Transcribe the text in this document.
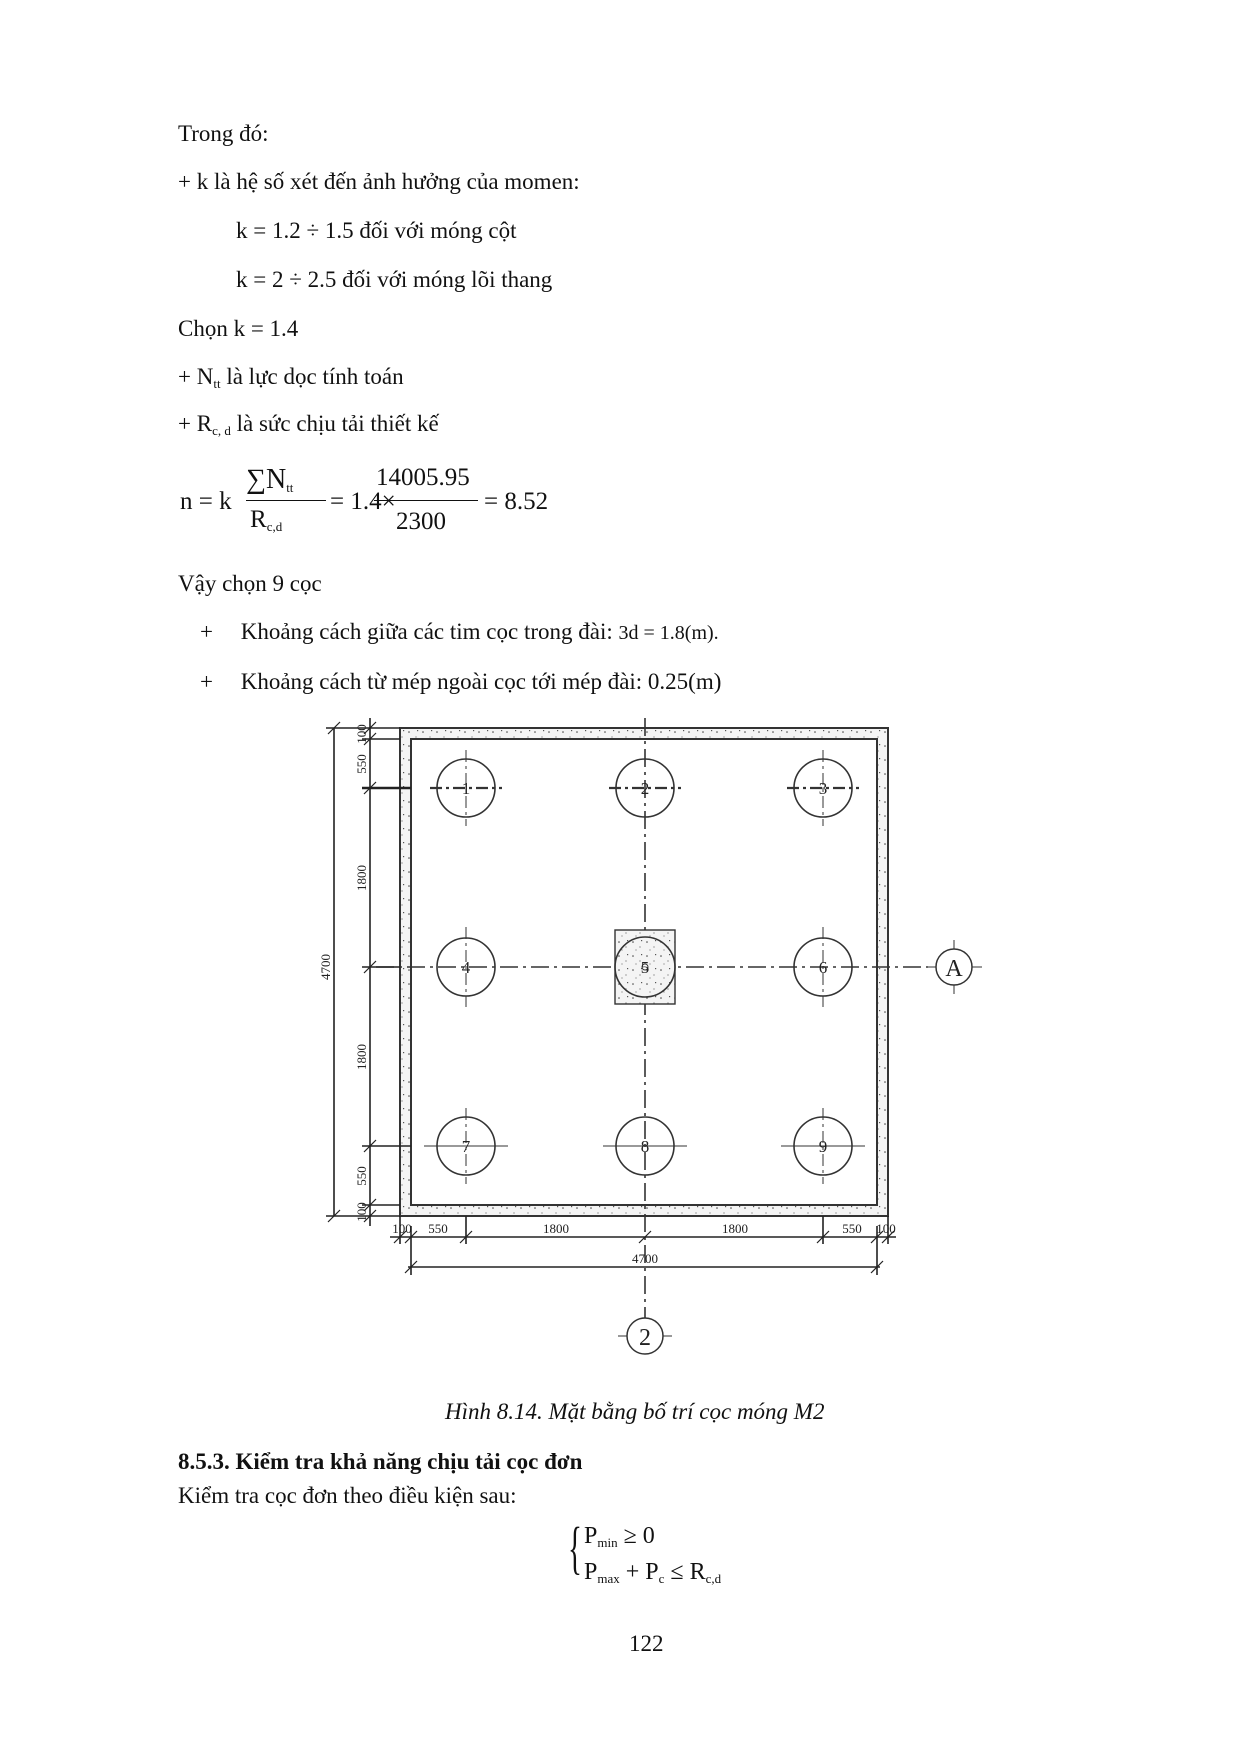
Trong đó:
+ k là hệ số xét đến ảnh hưởng của momen:
k = 1.2 ÷ 1.5 đối với móng cột
k = 2 ÷ 2.5 đối với móng lõi thang
Chọn k = 1.4
+ $N_{tt}$ là lực dọc tính toán
+ $R_{c, d}$ là sức chịu tải thiết kế
n = k
$\sum N_{tt}$
$R_{c,d}$
= 1.4×
14005.95
2300
= 8.52
Vậy chọn 9 cọc
+ Khoảng cách giữa các tim cọc trong đài: 3d = 1.8(m).
+ Khoảng cách từ mép ngoài cọc tới mép đài: 0.25(m)
1	2	3
4	5	6
7	8	9
A
2
100
550
1800
1800
550
100
4700
100 550	1800	1800	550 100
4700
Hình 8.14. Mặt bằng bố trí cọc móng M2
8.5.3. Kiểm tra khả năng chịu tải cọc đơn
Kiểm tra cọc đơn theo điều kiện sau:
{ $P_{min} \ge 0$
$P_{max} + P_c \le R_{c,d}$
122
